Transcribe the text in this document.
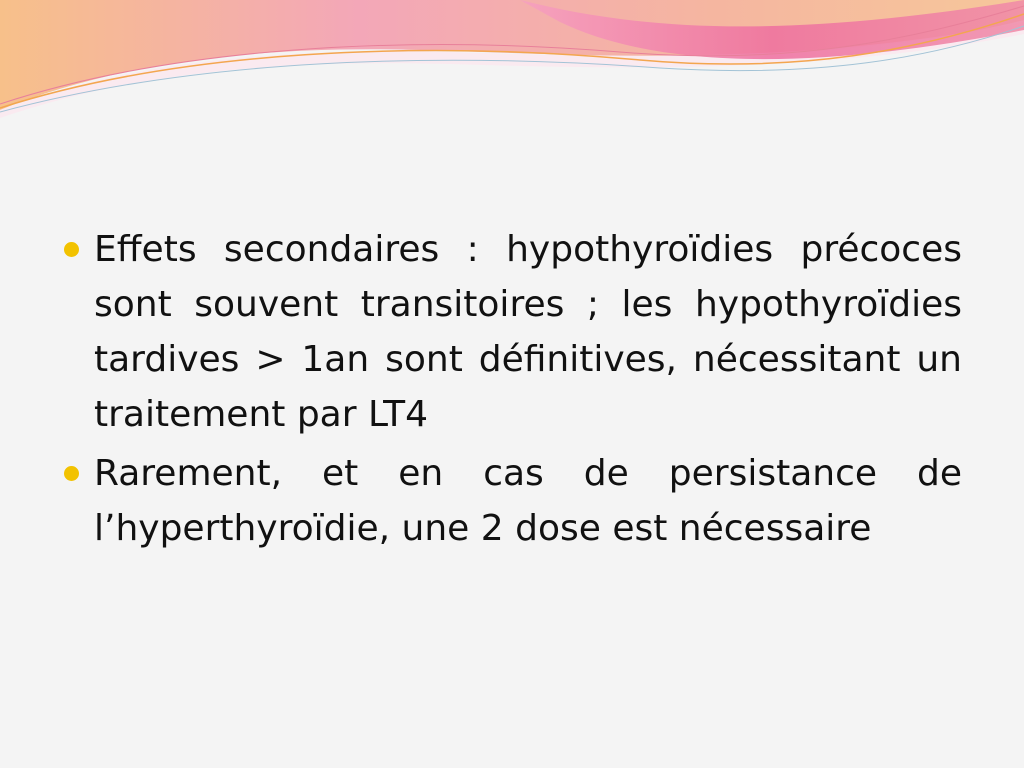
Effets secondaires : hypothyroïdies précoces sont souvent transitoires ; les hypothyroïdies tardives > 1an sont définitives, nécessitant un traitement par LT4

Rarement, et en cas de persistance de l’hyperthyroïdie, une 2 dose est nécessaire
